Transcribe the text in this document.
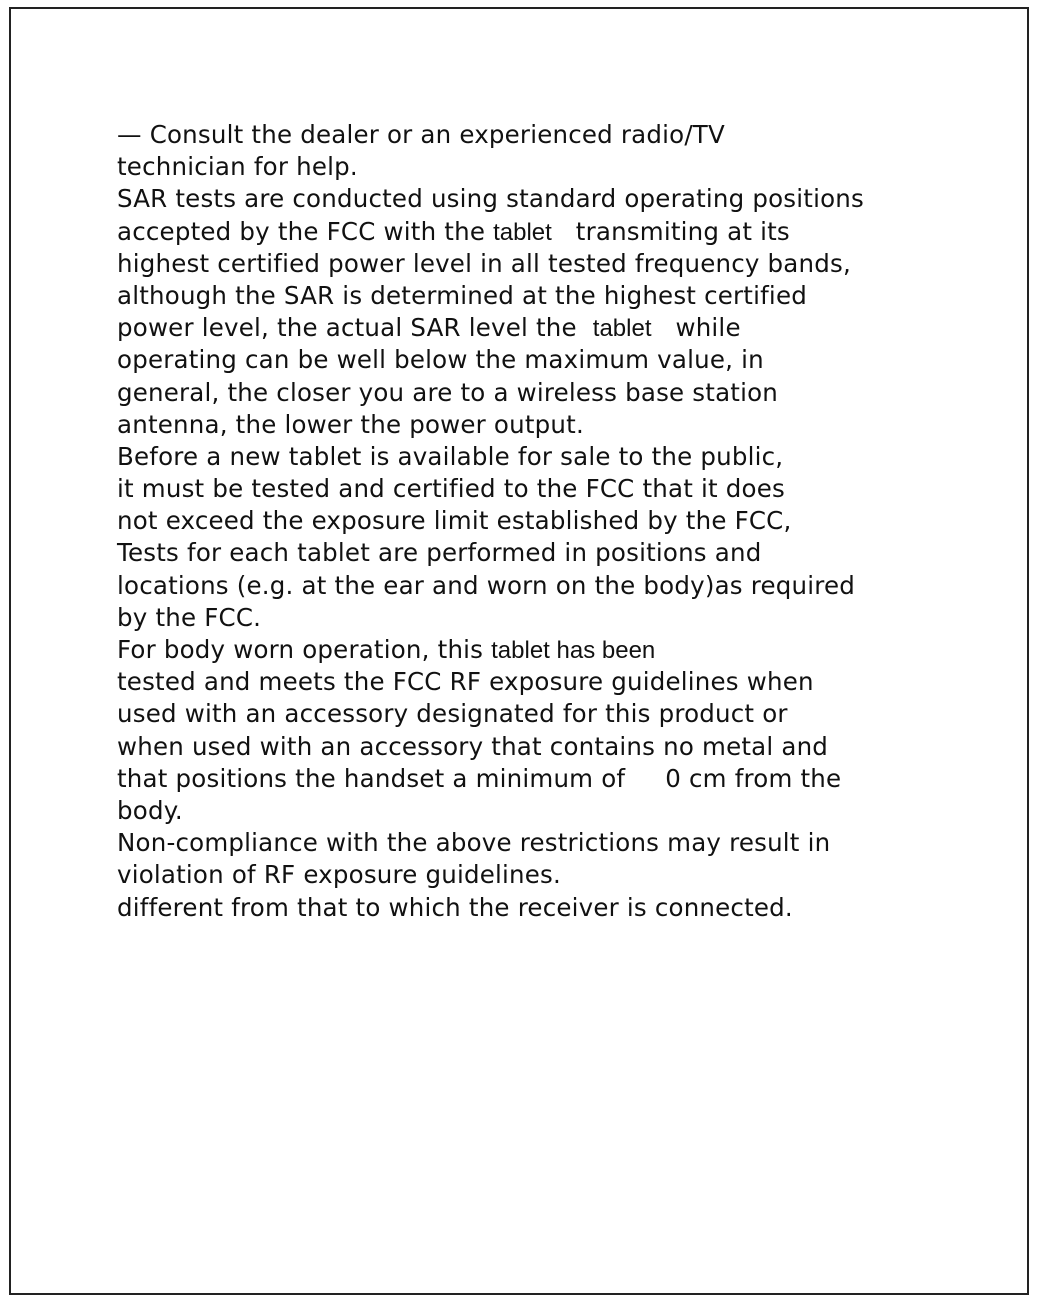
— Consult the dealer or an experienced radio/TV
technician for help.
SAR tests are conducted using standard operating positions
accepted by the FCC with the tablet   transmiting at its
highest certified power level in all tested frequency bands,
although the SAR is determined at the highest certified
power level, the actual SAR level the  tablet   while
operating can be well below the maximum value, in
general, the closer you are to a wireless base station
antenna, the lower the power output.
Before a new tablet is available for sale to the public,
it must be tested and certified to the FCC that it does
not exceed the exposure limit established by the FCC,
Tests for each tablet are performed in positions and
locations (e.g. at the ear and worn on the body)as required
by the FCC.
For body worn operation, this tablet has been
tested and meets the FCC RF exposure guidelines when
used with an accessory designated for this product or
when used with an accessory that contains no metal and
that positions the handset a minimum of     0 cm from the
body.
Non-compliance with the above restrictions may result in
violation of RF exposure guidelines.
different from that to which the receiver is connected.
